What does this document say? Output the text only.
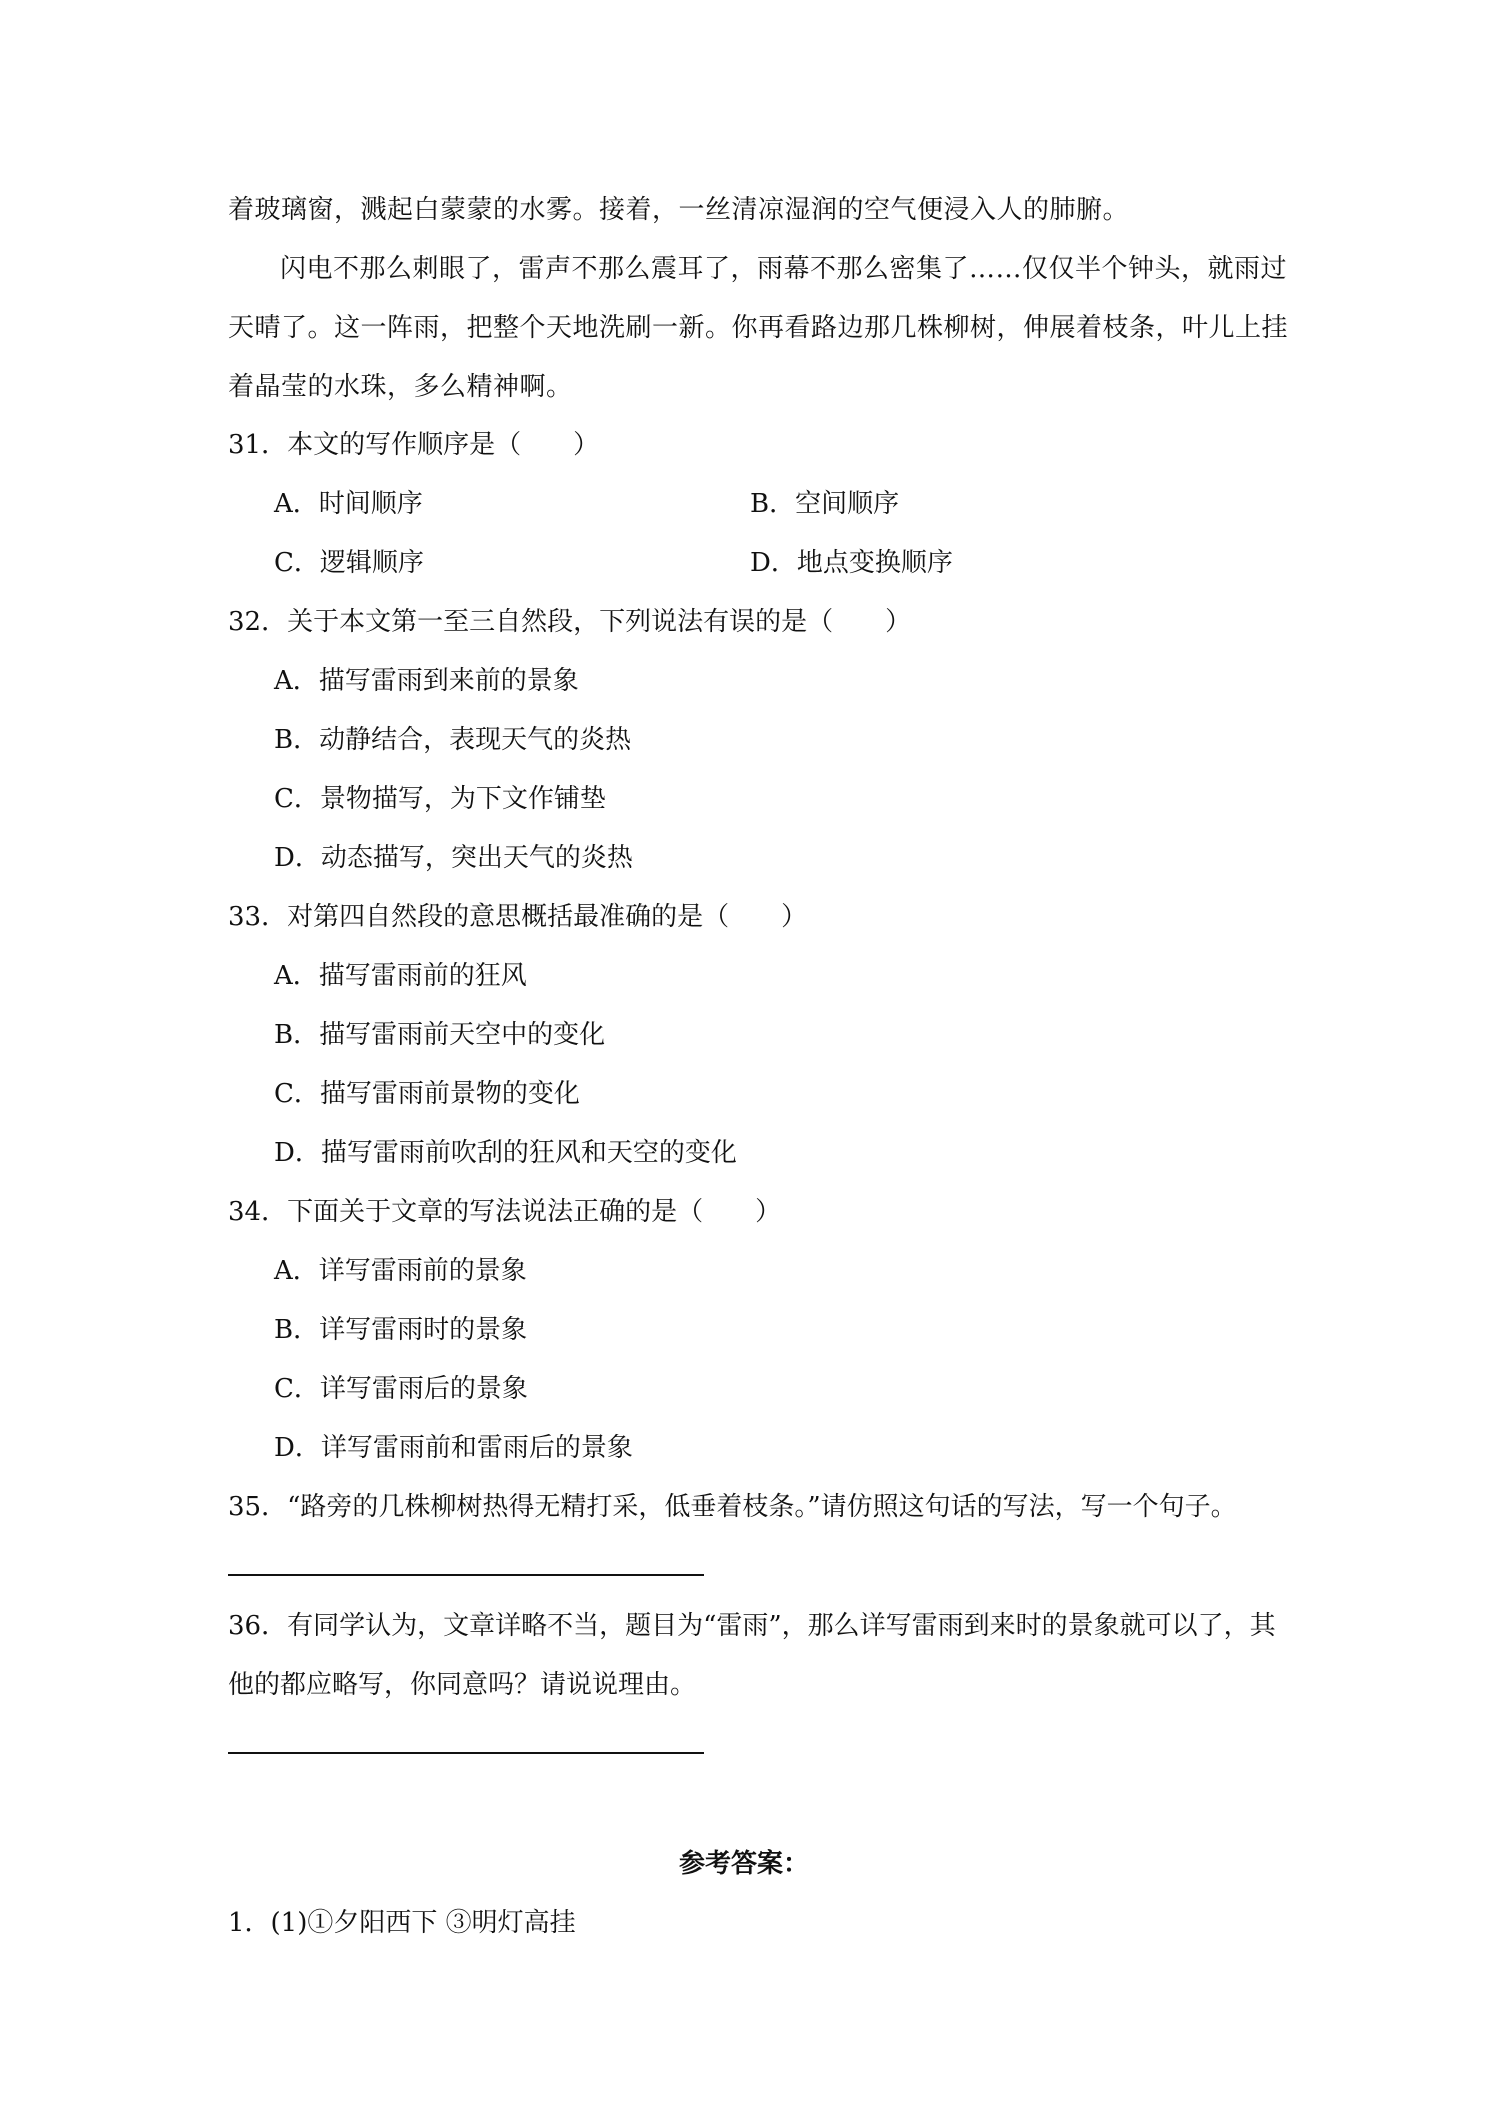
着玻璃窗，溅起白蒙蒙的水雾。接着，一丝清凉湿润的空气便浸入人的肺腑。
闪电不那么刺眼了，雷声不那么震耳了，雨幕不那么密集了……仅仅半个钟头，就雨过
天晴了。这一阵雨，把整个天地洗刷一新。你再看路边那几株柳树，伸展着枝条，叶儿上挂
着晶莹的水珠，多么精神啊。
31．本文的写作顺序是（　　）
A．时间顺序	B．空间顺序
C．逻辑顺序	D．地点变换顺序
32．关于本文第一至三自然段，下列说法有误的是（　　）
A．描写雷雨到来前的景象
B．动静结合，表现天气的炎热
C．景物描写，为下文作铺垫
D．动态描写，突出天气的炎热
33．对第四自然段的意思概括最准确的是（　　）
A．描写雷雨前的狂风
B．描写雷雨前天空中的变化
C．描写雷雨前景物的变化
D．描写雷雨前吹刮的狂风和天空的变化
34．下面关于文章的写法说法正确的是（　　）
A．详写雷雨前的景象
B．详写雷雨时的景象
C．详写雷雨后的景象
D．详写雷雨前和雷雨后的景象
35．“路旁的几株柳树热得无精打采，低垂着枝条。”请仿照这句话的写法，写一个句子。
36．有同学认为，文章详略不当，题目为“雷雨”，那么详写雷雨到来时的景象就可以了，其
他的都应略写，你同意吗？请说说理由。
参考答案：
1．(1)①夕阳西下 ③明灯高挂
